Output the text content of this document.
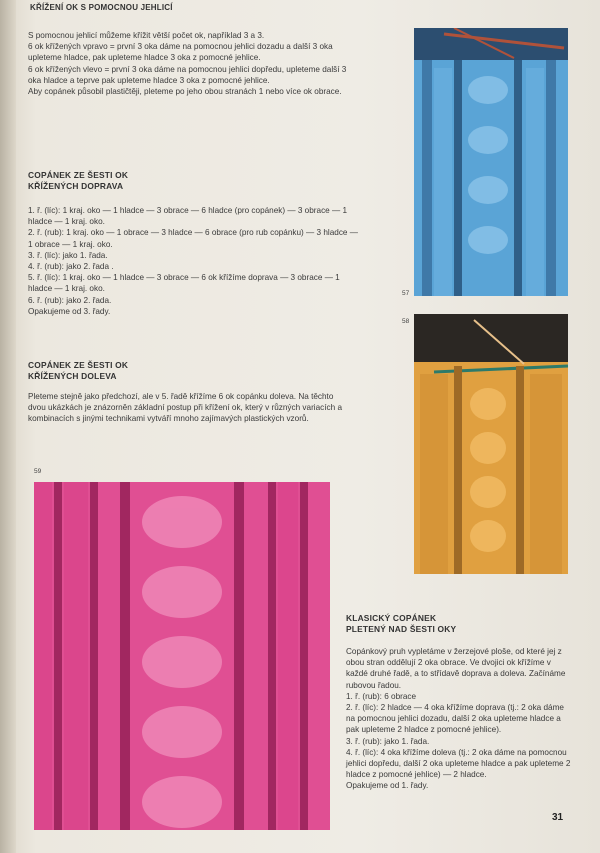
KŘÍŽENÍ OK S POMOCNOU JEHLICÍ

S pomocnou jehlicí můžeme křížit větší počet ok, například 3 a 3.

6 ok křížených vpravo = první 3 oka dáme na pomocnou jehlici dozadu a další 3 oka upleteme hladce, pak upleteme hladce 3 oka z pomocné jehlice.

6 ok křížených vlevo = první 3 oka dáme na pomocnou jehlici dopředu, upleteme další 3 oka hladce a teprve pak upleteme hladce 3 oka z pomocné jehlice.

Aby copánek působil plastičtěji, pleteme po jeho obou stranách 1 nebo více ok obrace.

COPÁNEK ZE ŠESTI OK
KŘÍŽENÝCH DOPRAVA

1. ř. (líc): 1 kraj. oko — 1 hladce — 3 obrace — 6 hladce (pro copánek) — 3 obrace — 1 hladce — 1 kraj. oko.

2. ř. (rub): 1 kraj. oko — 1 obrace — 3 hladce — 6 obrace (pro rub copánku) — 3 hladce — 1 obrace — 1 kraj. oko.

3. ř. (líc): jako 1. řada.

4. ř. (rub): jako 2. řada .

5. ř. (líc): 1 kraj. oko — 1 hladce — 3 obrace — 6 ok křížíme doprava — 3 obrace — 1 hladce — 1 kraj. oko.

6. ř. (rub): jako 2. řada.

Opakujeme od 3. řady.

COPÁNEK ZE ŠESTI OK
KŘÍŽENÝCH DOLEVA

Pleteme stejně jako předchozí, ale v 5. řadě křížíme 6 ok copánku doleva. Na těchto dvou ukázkách je znázorněn základní postup při křížení ok, který v různých variacích a kombinacích s jinými technikami vytváří mnoho zajímavých plastických vzorů.

57
58
59
KLASICKÝ COPÁNEK
PLETENÝ NAD ŠESTI OKY

Copánkový pruh vypletáme v žerzejové ploše, od které jej z obou stran oddělují 2 oka obrace. Ve dvojici ok křížíme v každé druhé řadě, a to střídavě doprava a doleva. Začínáme rubovou řadou.

1. ř. (rub): 6 obrace

2. ř. (líc): 2 hladce — 4 oka křížíme doprava (tj.: 2 oka dáme na pomocnou jehlici dozadu, další 2 oka upleteme hladce a pak upleteme 2 hladce z pomocné jehlice).

3. ř. (rub): jako 1. řada.

4. ř. (líc): 4 oka křížíme doleva (tj.: 2 oka dáme na pomocnou jehlici dopředu, další 2 oka upleteme hladce a pak upleteme 2 hladce z pomocné jehlice) — 2 hladce.

Opakujeme od 1. řady.

31
